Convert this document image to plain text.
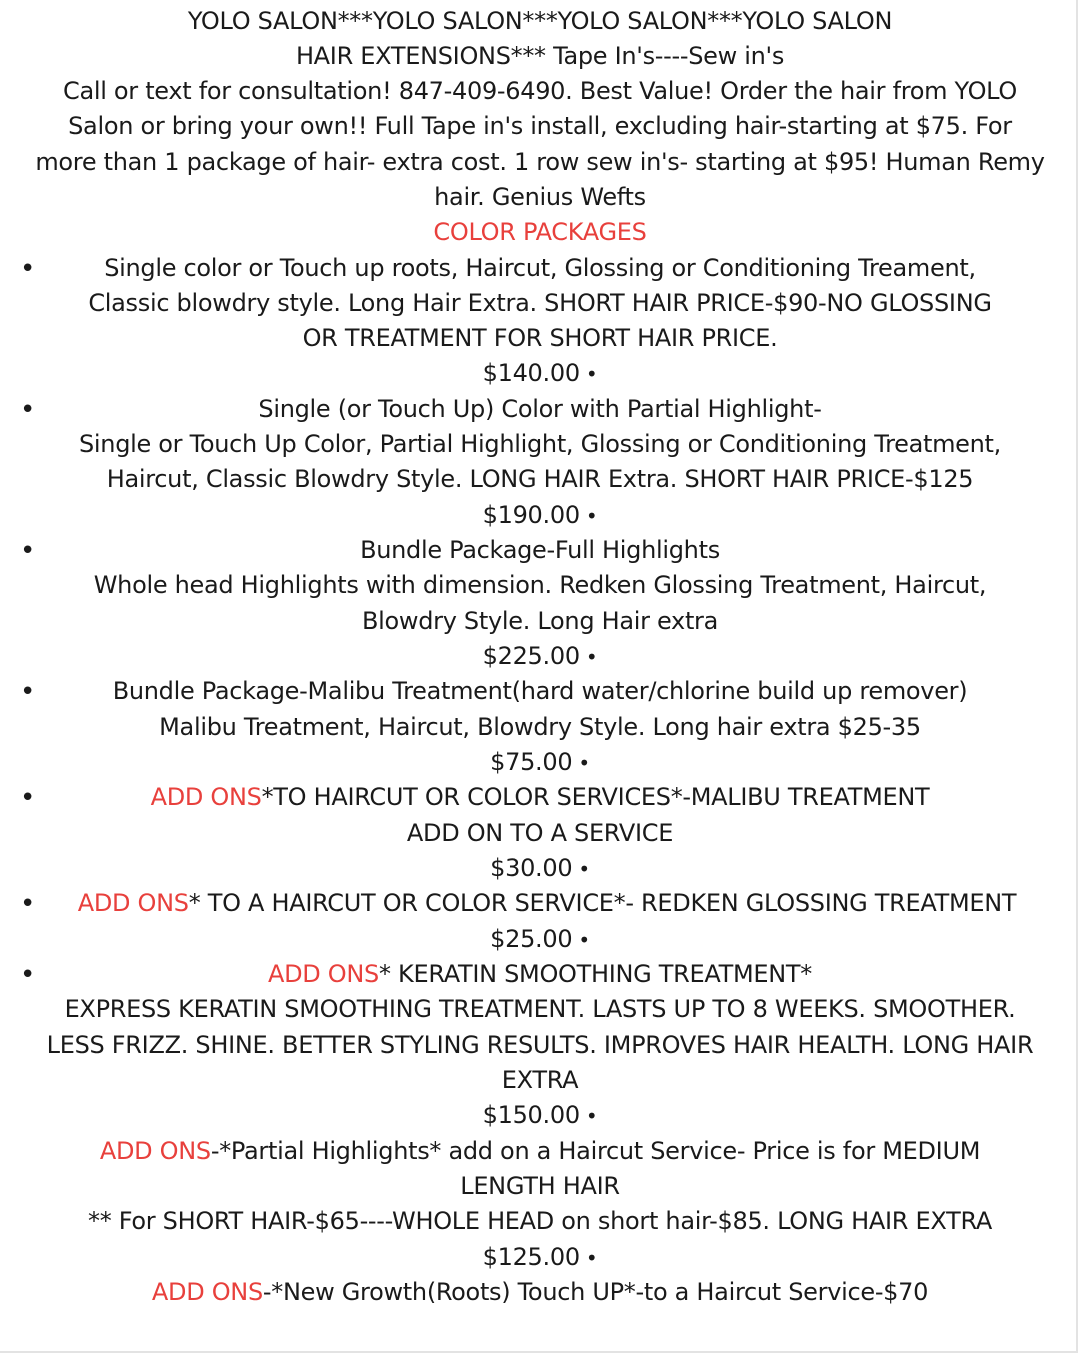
YOLO SALON***YOLO SALON***YOLO SALON***YOLO SALON
HAIR EXTENSIONS*** Tape In's----Sew in's
Call or text for consultation! 847-409-6490. Best Value! Order the hair from YOLO
Salon or bring your own!! Full Tape in's install, excluding hair-starting at $75. For
more than 1 package of hair- extra cost. 1 row sew in's- starting at $95! Human Remy
hair. Genius Wefts
COLOR PACKAGES
•
Single color or Touch up roots, Haircut, Glossing or Conditioning Treament,
Classic blowdry style. Long Hair Extra. SHORT HAIR PRICE-$90-NO GLOSSING
OR TREATMENT FOR SHORT HAIR PRICE.
$140.00 •
•
Single (or Touch Up) Color with Partial Highlight-
Single or Touch Up Color, Partial Highlight, Glossing or Conditioning Treatment,
Haircut, Classic Blowdry Style. LONG HAIR Extra. SHORT HAIR PRICE-$125
$190.00 •
•
Bundle Package-Full Highlights
Whole head Highlights with dimension. Redken Glossing Treatment, Haircut,
Blowdry Style. Long Hair extra
$225.00 •
•
Bundle Package-Malibu Treatment(hard water/chlorine build up remover)
Malibu Treatment, Haircut, Blowdry Style. Long hair extra $25-35
$75.00 •
•
ADD ONS*TO HAIRCUT OR COLOR SERVICES*-MALIBU TREATMENT
ADD ON TO A SERVICE
$30.00 •
•
ADD ONS* TO A HAIRCUT OR COLOR SERVICE*- REDKEN GLOSSING TREATMENT
$25.00 •
•
ADD ONS* KERATIN SMOOTHING TREATMENT*
EXPRESS KERATIN SMOOTHING TREATMENT. LASTS UP TO 8 WEEKS. SMOOTHER.
LESS FRIZZ. SHINE. BETTER STYLING RESULTS. IMPROVES HAIR HEALTH. LONG HAIR
EXTRA
$150.00 •
ADD ONS-*Partial Highlights* add on a Haircut Service- Price is for MEDIUM
LENGTH HAIR
** For SHORT HAIR-$65----WHOLE HEAD on short hair-$85. LONG HAIR EXTRA
$125.00 •
ADD ONS-*New Growth(Roots) Touch UP*-to a Haircut Service-$70
